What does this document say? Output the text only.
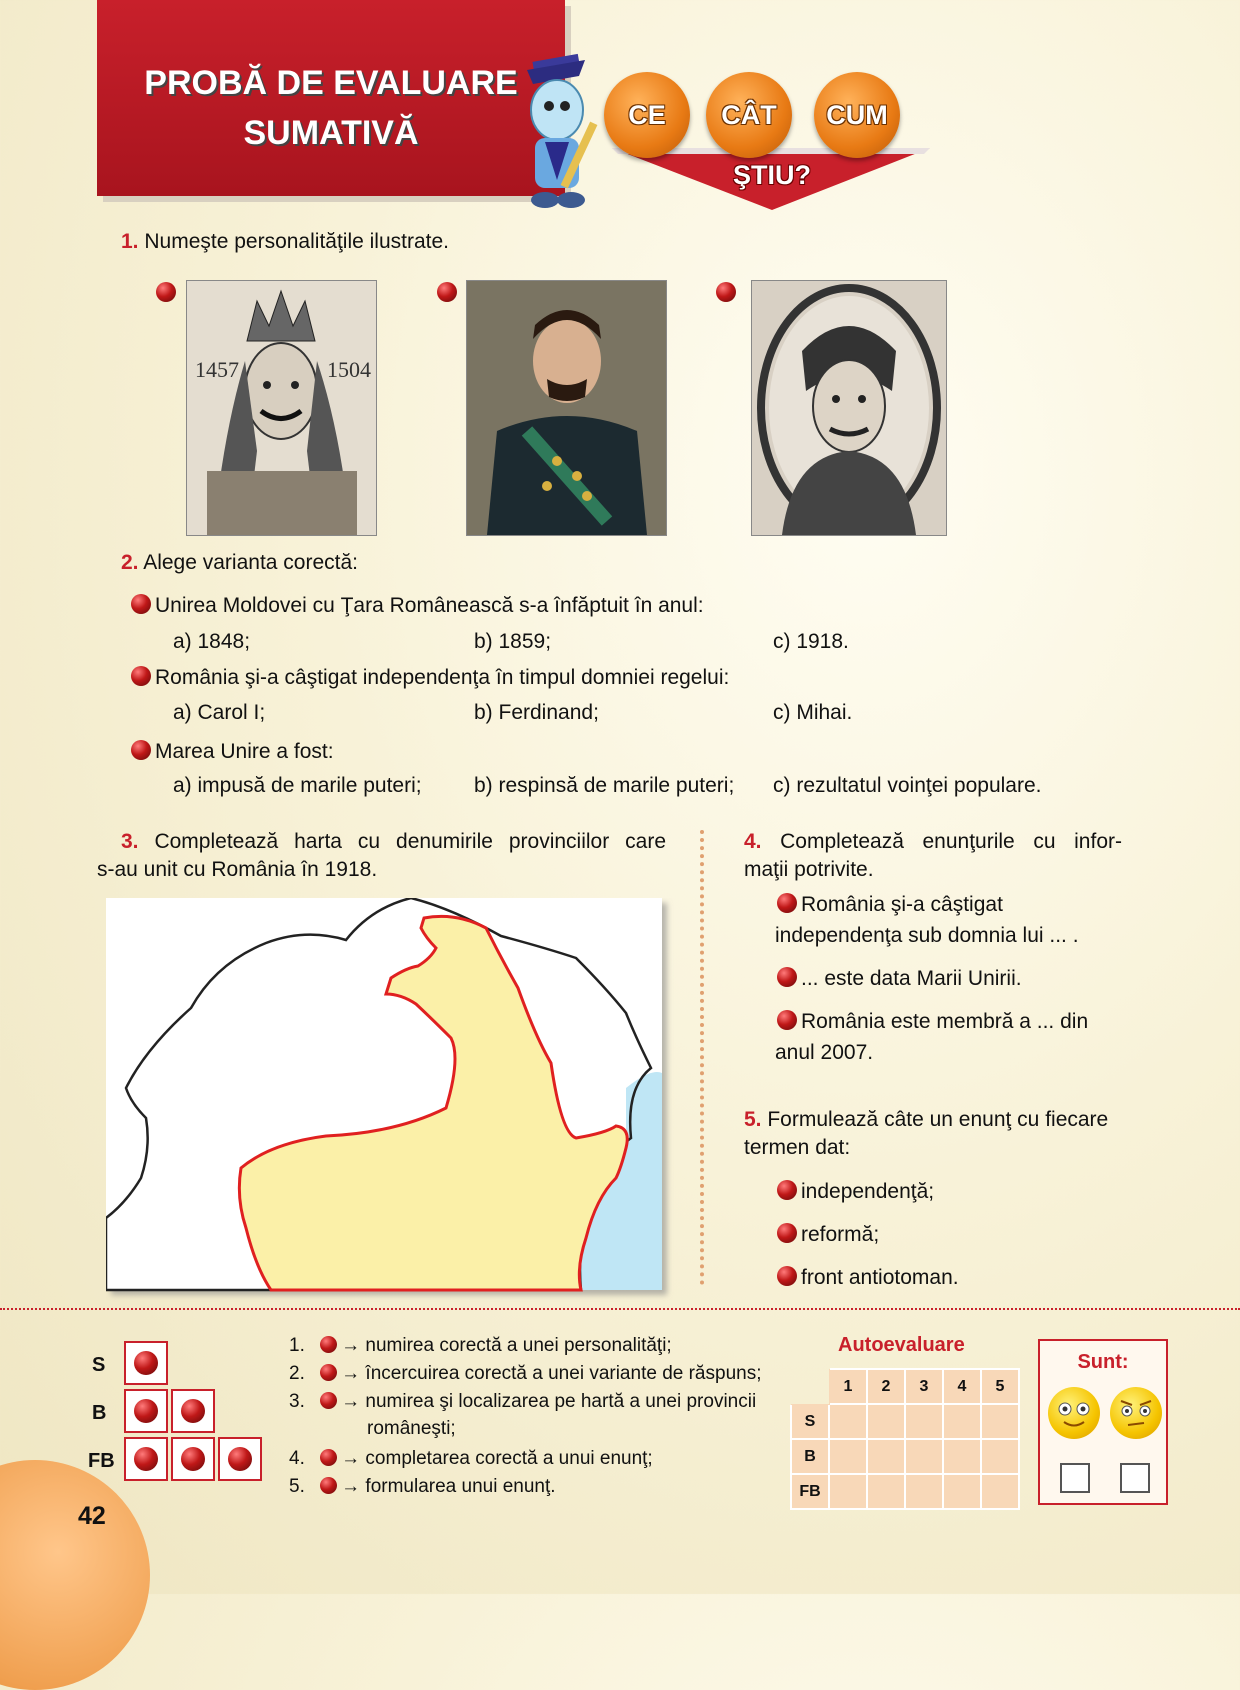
PROBĂ DE EVALUARE
SUMATIVĂ	CE	CÂT	CUM
ŞTIU?
1. Numeşte personalităţile ilustrate.
1457	1504
2. Alege varianta corectă:
Unirea Moldovei cu Ţara Românească s-a înfăptuit în anul:
a) 1848;	b) 1859;	c) 1918.
România şi-a câştigat independenţa în timpul domniei regelui:
a) Carol I;	b) Ferdinand;	c) Mihai.
Marea Unire a fost:
a) impusă de marile puteri; b) respinsă de marile puteri; c) rezultatul voinţei populare.
3. Completează harta cu denumirile provinciilor care
s-au unit cu România în 1918.
4. Completează enunţurile cu infor-
maţii potrivite.
România şi-a câştigat
independenţa sub domnia lui ... .
... este data Marii Unirii.
România este membră a ... din
anul 2007.
5. Formulează câte un enunţ cu fiecare
termen dat:
independenţă;
reformă;
front antiotoman.
S
B
FB
1. → numirea corectă a unei personalităţi;
2. → încercuirea corectă a unei variante de răspuns;
3. → numirea şi localizarea pe hartă a unei provincii
româneşti;
4. → completarea corectă a unui enunţ;
5. → formularea unui enunţ.
Autoevaluare
	1	2	3	4	5
S					
B					
FB					
Sunt:
42
